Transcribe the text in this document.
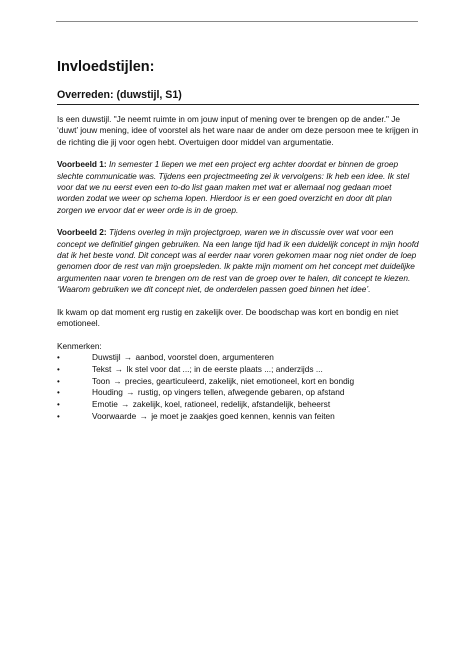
Invloedstijlen:
Overreden: (duwstijl, S1)

Is een duwstijl. "Je neemt ruimte in om jouw input of mening over te brengen op de ander." Je ‘duwt’ jouw mening, idee of voorstel als het ware naar de ander om deze persoon mee te krijgen in de richting die jij voor ogen hebt. Overtuigen door middel van argumentatie.

Voorbeeld 1: In semester 1 liepen we met een project erg achter doordat er binnen de groep slechte communicatie was. Tijdens een projectmeeting zei ik vervolgens: Ik heb een idee. Ik stel voor dat we nu eerst even een to-do list gaan maken met wat er allemaal nog gedaan moet worden zodat we weer op schema lopen. Hierdoor is er een goed overzicht en door dit plan zorgen we ervoor dat er weer orde is in de groep.

Voorbeeld 2: Tijdens overleg in mijn projectgroep, waren we in discussie over wat voor een concept we definitief gingen gebruiken. Na een lange tijd had ik een duidelijk concept in mijn hoofd dat ik het beste vond. Dit concept was al eerder naar voren gekomen maar nog niet onder de loep genomen door de rest van mijn groepsleden. Ik pakte mijn moment om het concept met duidelijke argumenten naar voren te brengen om de rest van de groep over te halen, dit concept te kiezen. ‘Waarom gebruiken we dit concept niet, de onderdelen passen goed binnen het idee’.

Ik kwam op dat moment erg rustig en zakelijk over. De boodschap was kort en bondig en niet emotioneel.

Kenmerken:
•	Duwstijl → aanbod, voorstel doen, argumenteren
•	Tekst → Ik stel voor dat ...; in de eerste plaats ...; anderzijds ...
•	Toon → precies, gearticuleerd, zakelijk, niet emotioneel, kort en bondig
•	Houding → rustig, op vingers tellen, afwegende gebaren, op afstand
•	Emotie → zakelijk, koel, rationeel, redelijk, afstandelijk, beheerst
•	Voorwaarde → je moet je zaakjes goed kennen, kennis van feiten
